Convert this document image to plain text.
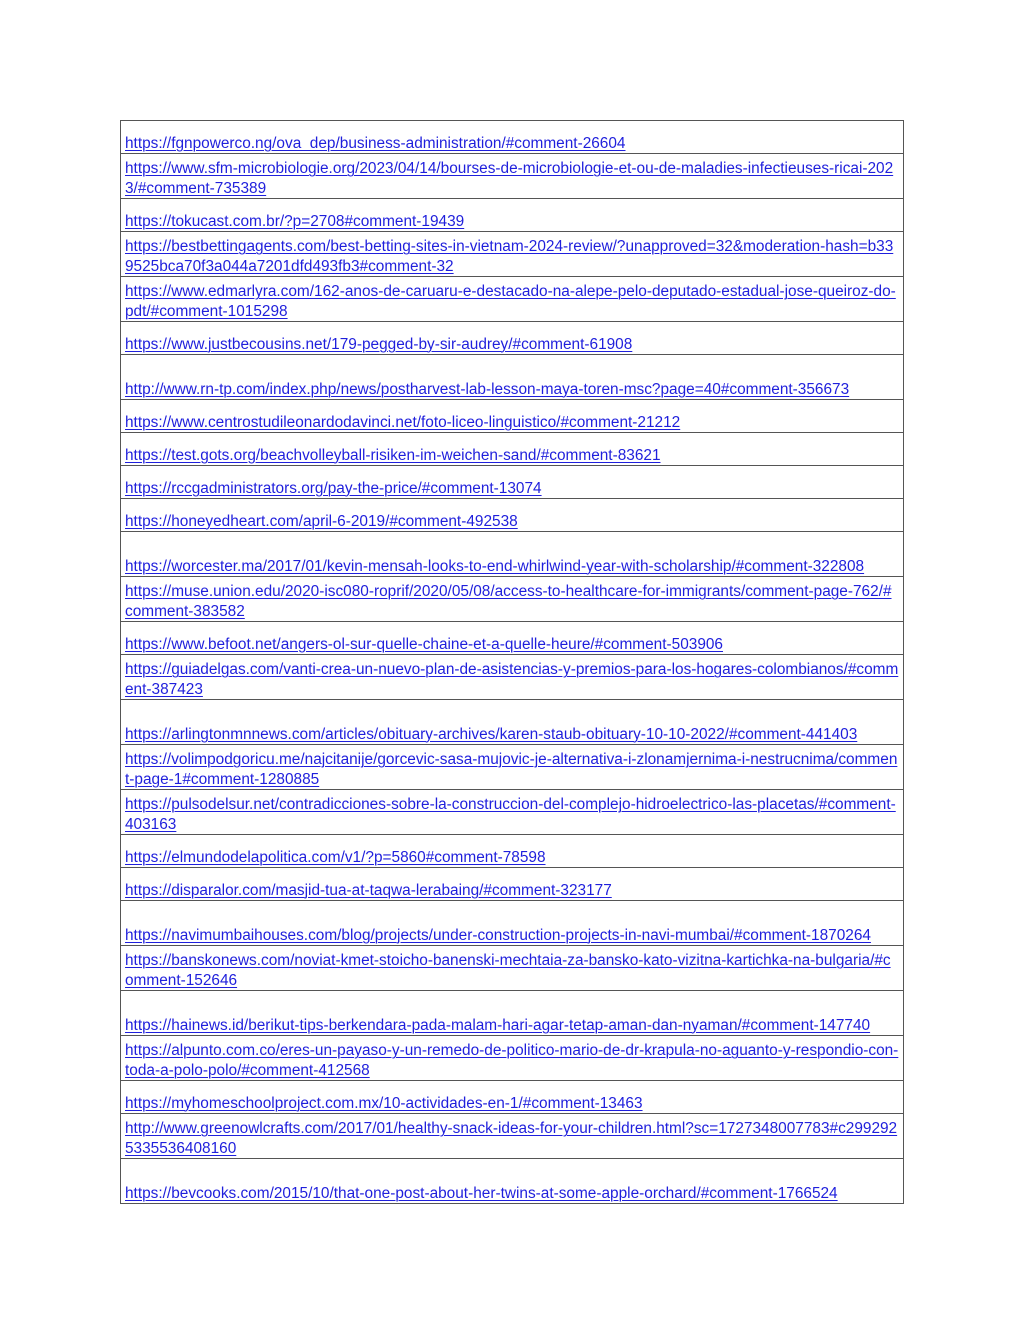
https://fgnpowerco.ng/ova_dep/business-administration/#comment-26604
https://www.sfm-microbiologie.org/2023/04/14/bourses-de-microbiologie-et-ou-de-maladies-infectieuses-ricai-2023/#comment-735389
https://tokucast.com.br/?p=2708#comment-19439
https://bestbettingagents.com/best-betting-sites-in-vietnam-2024-review/?unapproved=32&moderation-hash=b339525bca70f3a044a7201dfd493fb3#comment-32
https://www.edmarlyra.com/162-anos-de-caruaru-e-destacado-na-alepe-pelo-deputado-estadual-jose-queiroz-do-pdt/#comment-1015298
https://www.justbecousins.net/179-pegged-by-sir-audrey/#comment-61908
http://www.rn-tp.com/index.php/news/postharvest-lab-lesson-maya-toren-msc?page=40#comment-356673
https://www.centrostudileonardodavinci.net/foto-liceo-linguistico/#comment-21212
https://test.gots.org/beachvolleyball-risiken-im-weichen-sand/#comment-83621
https://rccgadministrators.org/pay-the-price/#comment-13074
https://honeyedheart.com/april-6-2019/#comment-492538
https://worcester.ma/2017/01/kevin-mensah-looks-to-end-whirlwind-year-with-scholarship/#comment-322808
https://muse.union.edu/2020-isc080-roprif/2020/05/08/access-to-healthcare-for-immigrants/comment-page-762/#comment-383582
https://www.befoot.net/angers-ol-sur-quelle-chaine-et-a-quelle-heure/#comment-503906
https://guiadelgas.com/vanti-crea-un-nuevo-plan-de-asistencias-y-premios-para-los-hogares-colombianos/#comment-387423
https://arlingtonmnnews.com/articles/obituary-archives/karen-staub-obituary-10-10-2022/#comment-441403
https://volimpodgoricu.me/najcitanije/gorcevic-sasa-mujovic-je-alternativa-i-zlonamjernima-i-nestrucnima/comment-page-1#comment-1280885
https://pulsodelsur.net/contradicciones-sobre-la-construccion-del-complejo-hidroelectrico-las-placetas/#comment-403163
https://elmundodelapolitica.com/v1/?p=5860#comment-78598
https://disparalor.com/masjid-tua-at-taqwa-lerabaing/#comment-323177
https://navimumbaihouses.com/blog/projects/under-construction-projects-in-navi-mumbai/#comment-1870264
https://banskonews.com/noviat-kmet-stoicho-banenski-mechtaia-za-bansko-kato-vizitna-kartichka-na-bulgaria/#comment-152646
https://hainews.id/berikut-tips-berkendara-pada-malam-hari-agar-tetap-aman-dan-nyaman/#comment-147740
https://alpunto.com.co/eres-un-payaso-y-un-remedo-de-politico-mario-de-dr-krapula-no-aguanto-y-respondio-con-toda-a-polo-polo/#comment-412568
https://myhomeschoolproject.com.mx/10-actividades-en-1/#comment-13463
http://www.greenowlcrafts.com/2017/01/healthy-snack-ideas-for-your-children.html?sc=1727348007783#c2992925335536408160
https://bevcooks.com/2015/10/that-one-post-about-her-twins-at-some-apple-orchard/#comment-1766524
